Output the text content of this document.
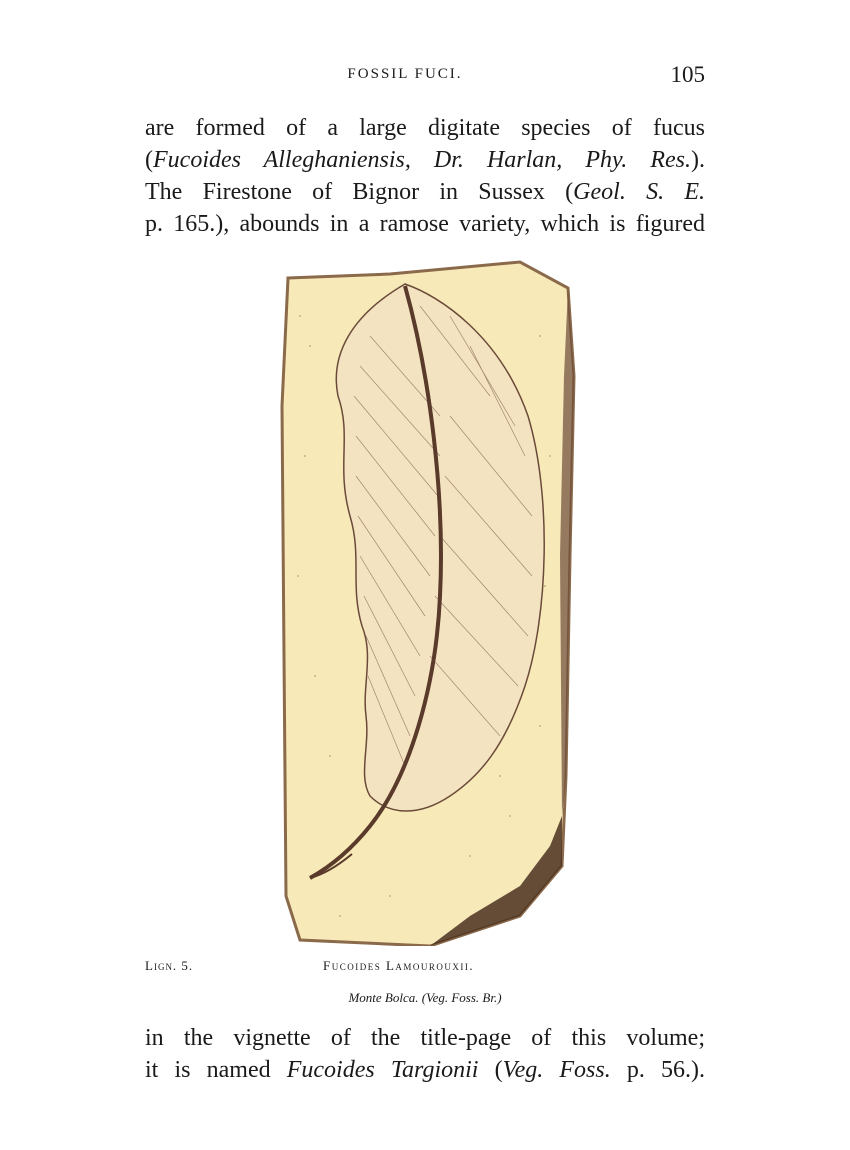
FOSSIL FUCI.	105
are formed of a large digitate species of fucus
(Fucoides Alleghaniensis, Dr. Harlan, Phy. Res.).
The Firestone of Bignor in Sussex (Geol. S. E.
p. 165.), abounds in a ramose variety, which is figured
Lign. 5.	Fucoides Lamourouxii.
Monte Bolca. (Veg. Foss. Br.)
in the vignette of the title-page of this volume;
it is named Fucoides Targionii (Veg. Foss. p. 56.).
